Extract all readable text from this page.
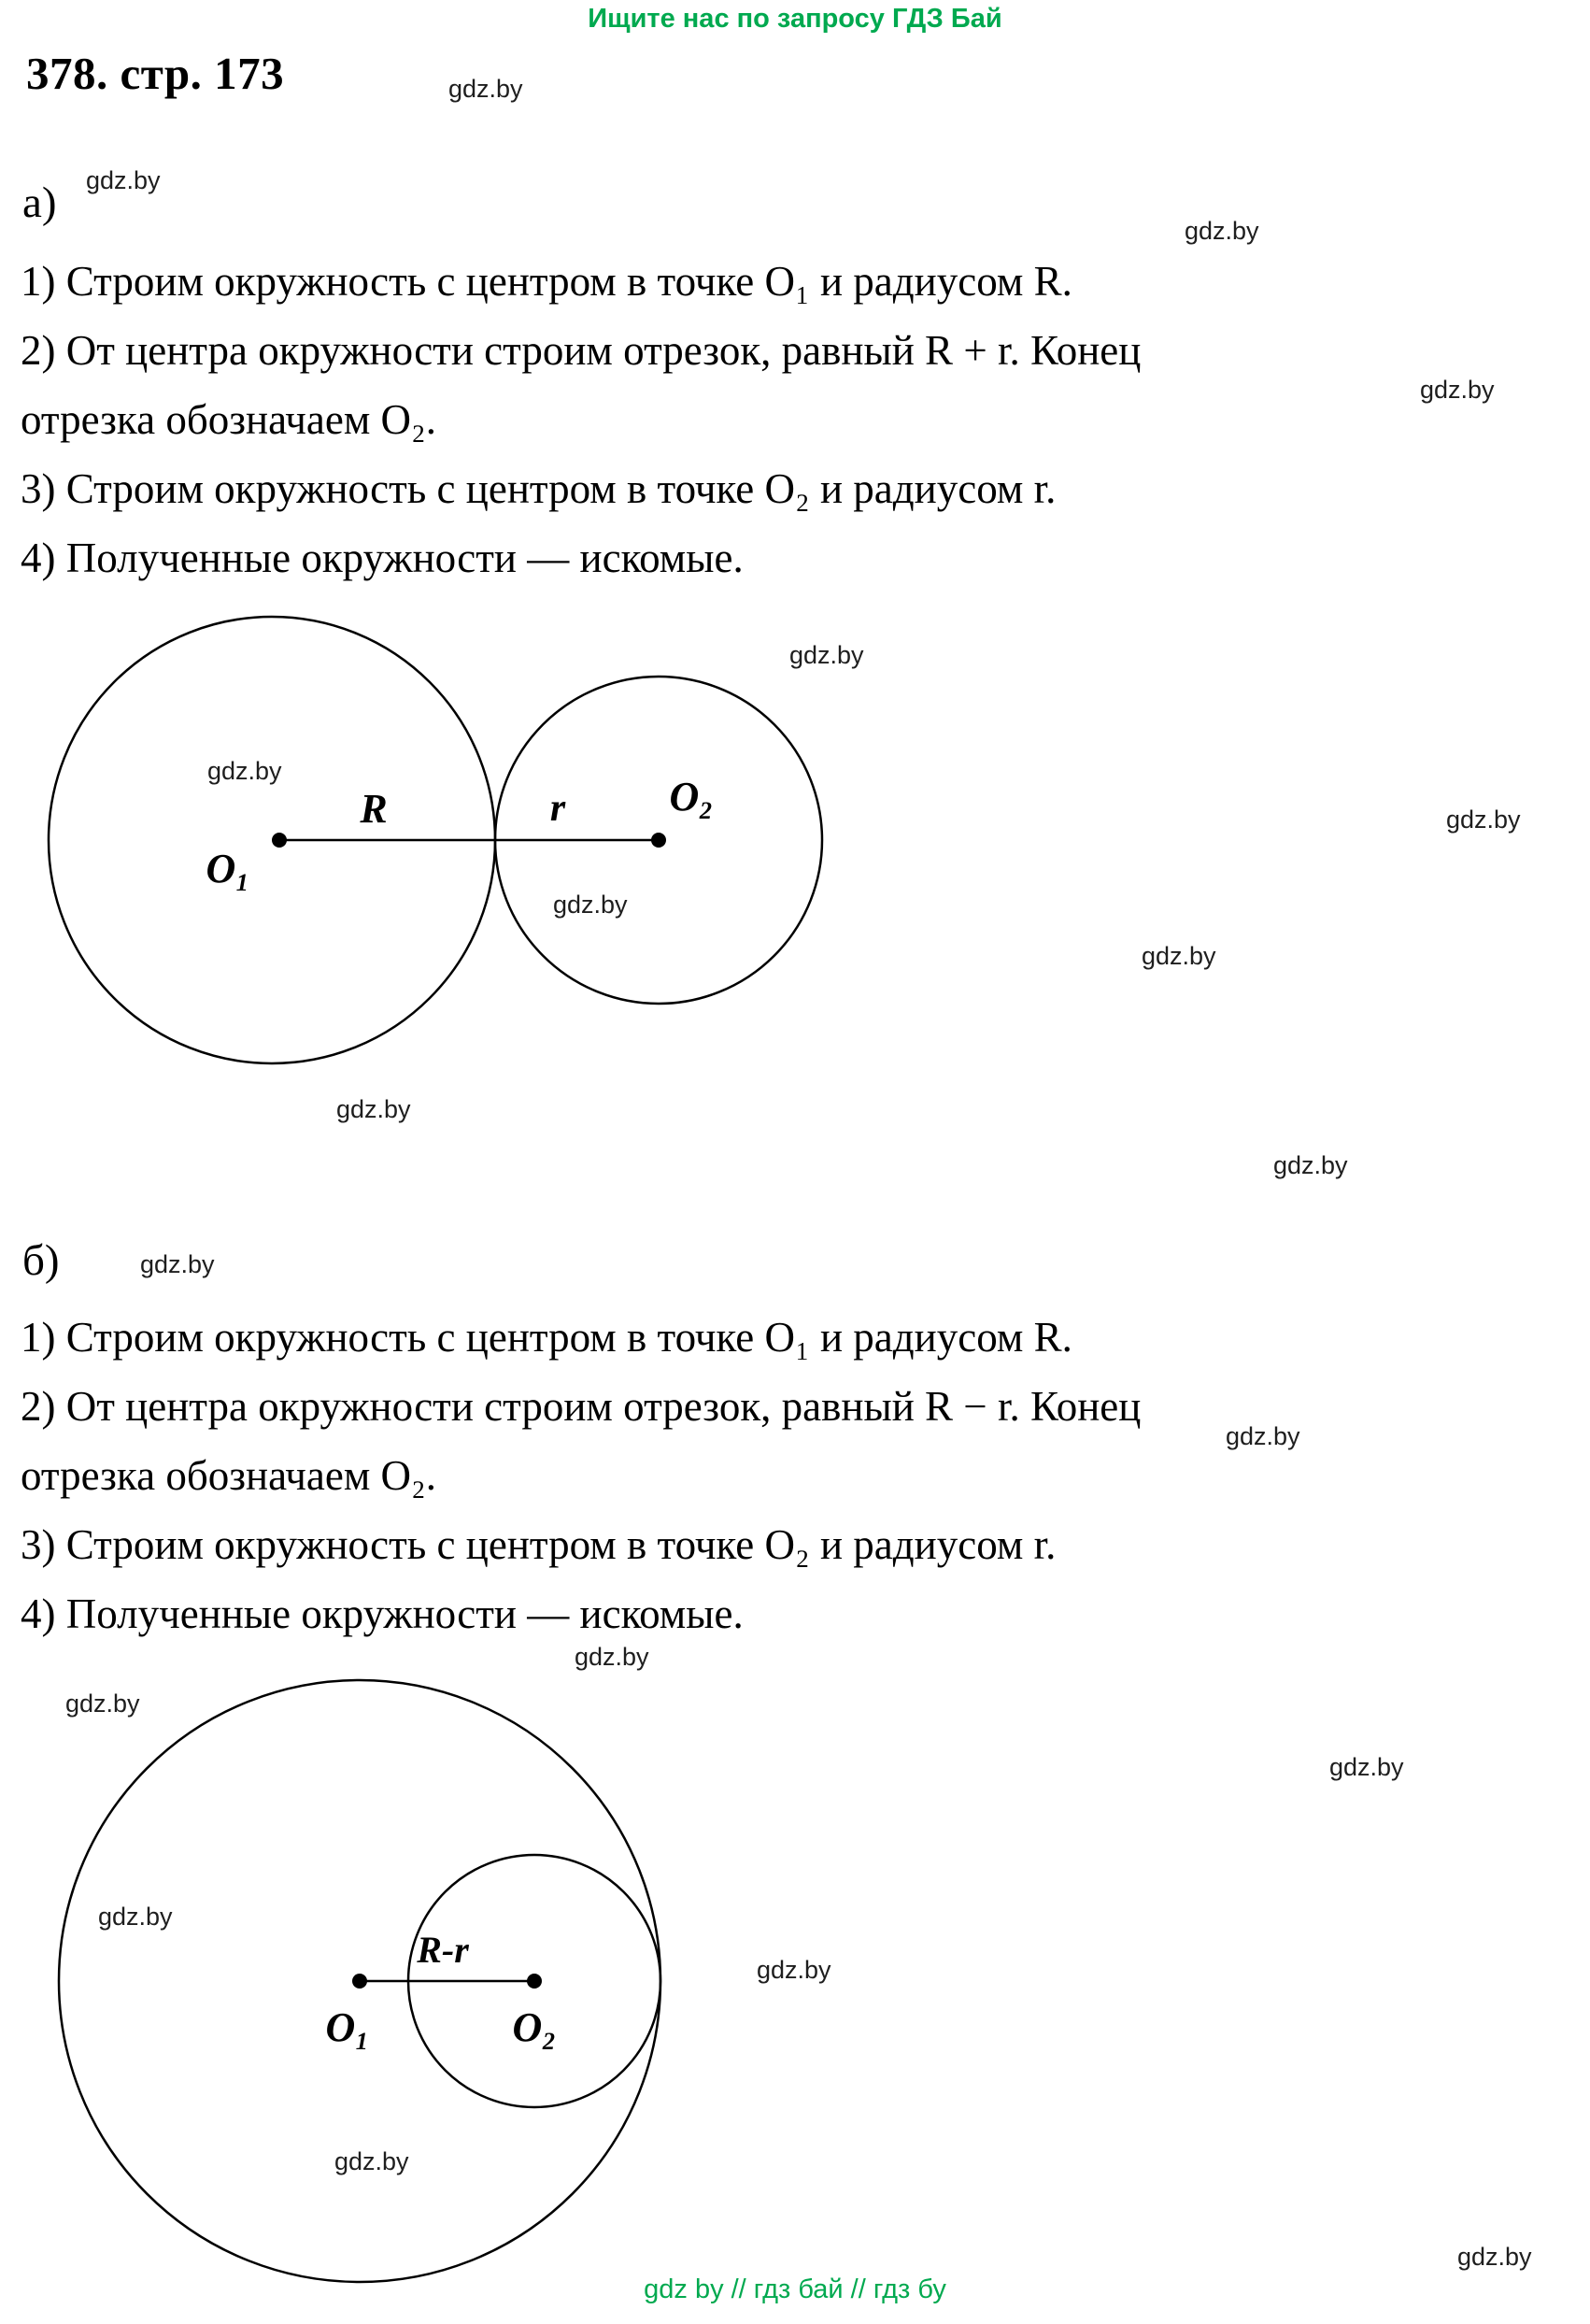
Ищите нас по запросу ГДЗ Бай
378. стр. 173	gdz.by
gdz.by
gdz.by
gdz.by
gdz.by
gdz.by
gdz.by
gdz.by
gdz.by
gdz.by
gdz.by
gdz.by
gdz.by
gdz.by
gdz.by
gdz.by
gdz.by
gdz.by
gdz.by
gdz.by
а)
1) Строим окружность с центром в точке O₁ и радиусом R.
2) От центра окружности строим отрезок, равный R + r. Конец
отрезка обозначаем O₂.
3) Строим окружность с центром в точке O₂ и радиусом r.
4) Полученные окружности — искомые.
O₁
R	r	O₂
б)
1) Строим окружность с центром в точке O₁ и радиусом R.
2) От центра окружности строим отрезок, равный R − r. Конец
отрезка обозначаем O₂.
3) Строим окружность с центром в точке O₂ и радиусом r.
4) Полученные окружности — искомые.
O₁	O₂
R-r
gdz by // гдз бай // гдз бу
